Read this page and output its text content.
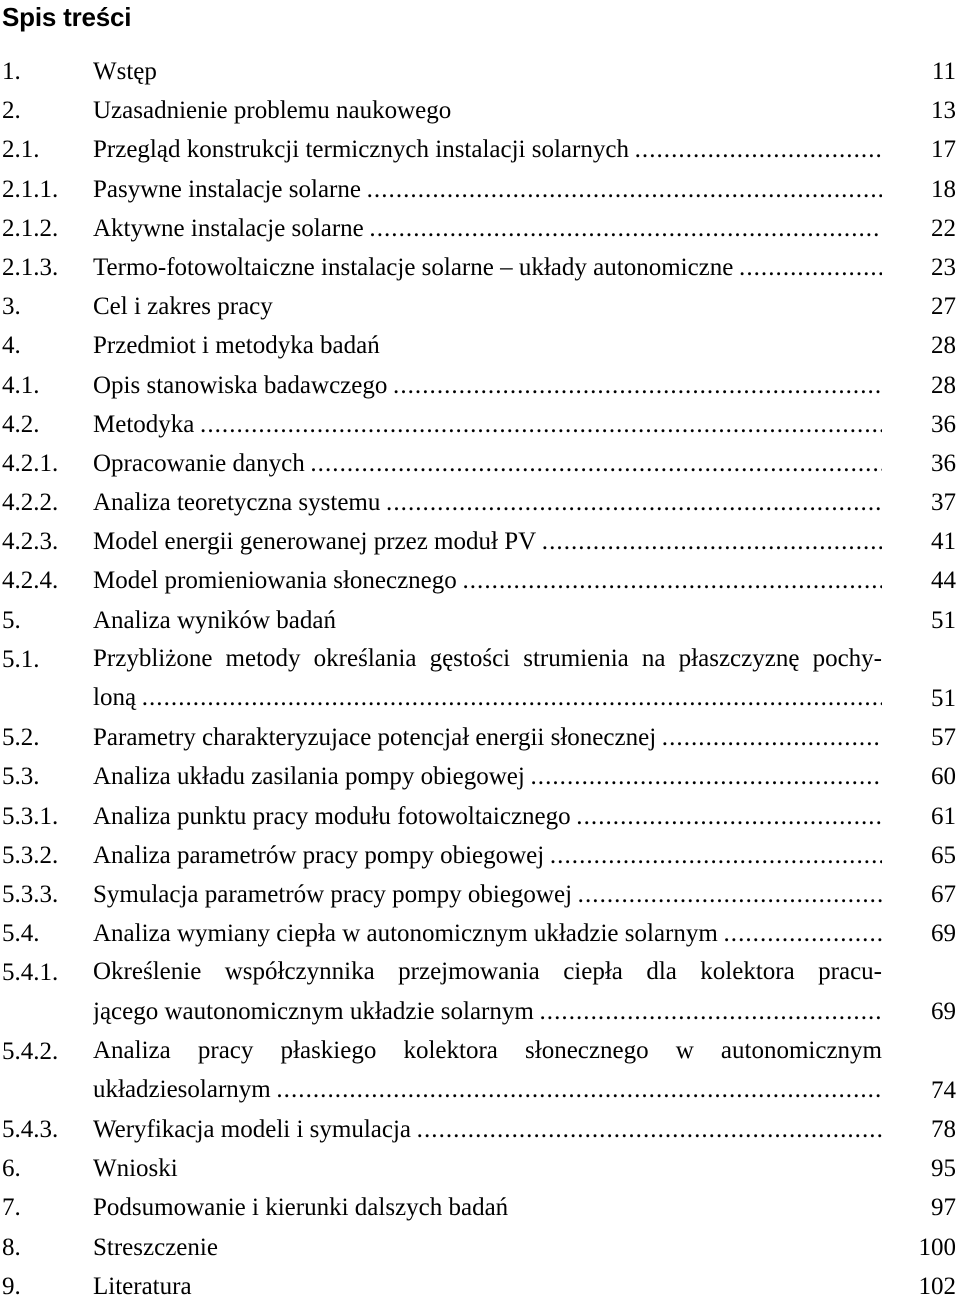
Spis treści
1.	Wstęp	11
2.	Uzasadnienie problemu naukowego	13
2.1. Przegląd konstrukcji termicznych instalacji solarnych . . .	17
2.1.1. Pasywne instalacje solarne . . .	18
2.1.2. Aktywne instalacje solarne . . .	22
2.1.3. Termo-fotowoltaiczne instalacje solarne – układy autonomiczne . . .	23
3.	Cel i zakres pracy	27
4.	Przedmiot i metodyka badań	28
4.1. Opis stanowiska badawczego . . .	28
4.2. Metodyka . . .	36
4.2.1. Opracowanie danych . . .	36
4.2.2. Analiza teoretyczna systemu . . .	37
4.2.3. Model energii generowanej przez moduł PV . . .	41
4.2.4. Model promieniowania słonecznego . . .	44
5.	Analiza wyników badań	51
5.1. Przybliżone metody określania gęstości strumienia na płaszczyznę pochy-
loną . . .	51
5.2. Parametry charakteryzujace potencjał energii słonecznej . . .	57
5.3. Analiza układu zasilania pompy obiegowej . . .	60
5.3.1. Analiza punktu pracy modułu fotowoltaicznego . . .	61
5.3.2. Analiza parametrów pracy pompy obiegowej . . .	65
5.3.3. Symulacja parametrów pracy pompy obiegowej . . .	67
5.4. Analiza wymiany ciepła w autonomicznym układzie solarnym . . .	69
5.4.1. Określenie współczynnika przejmowania ciepła dla kolektora pracu-
jącego wautonomicznym układzie solarnym . . .	69
5.4.2. Analiza pracy płaskiego kolektora słonecznego w autonomicznym
układziesolarnym . . .	74
5.4.3. Weryfikacja modeli i symulacja . . .	78
6.	Wnioski	95
7.	Podsumowanie i kierunki dalszych badań	97
8.	Streszczenie	100
9.	Literatura	102
